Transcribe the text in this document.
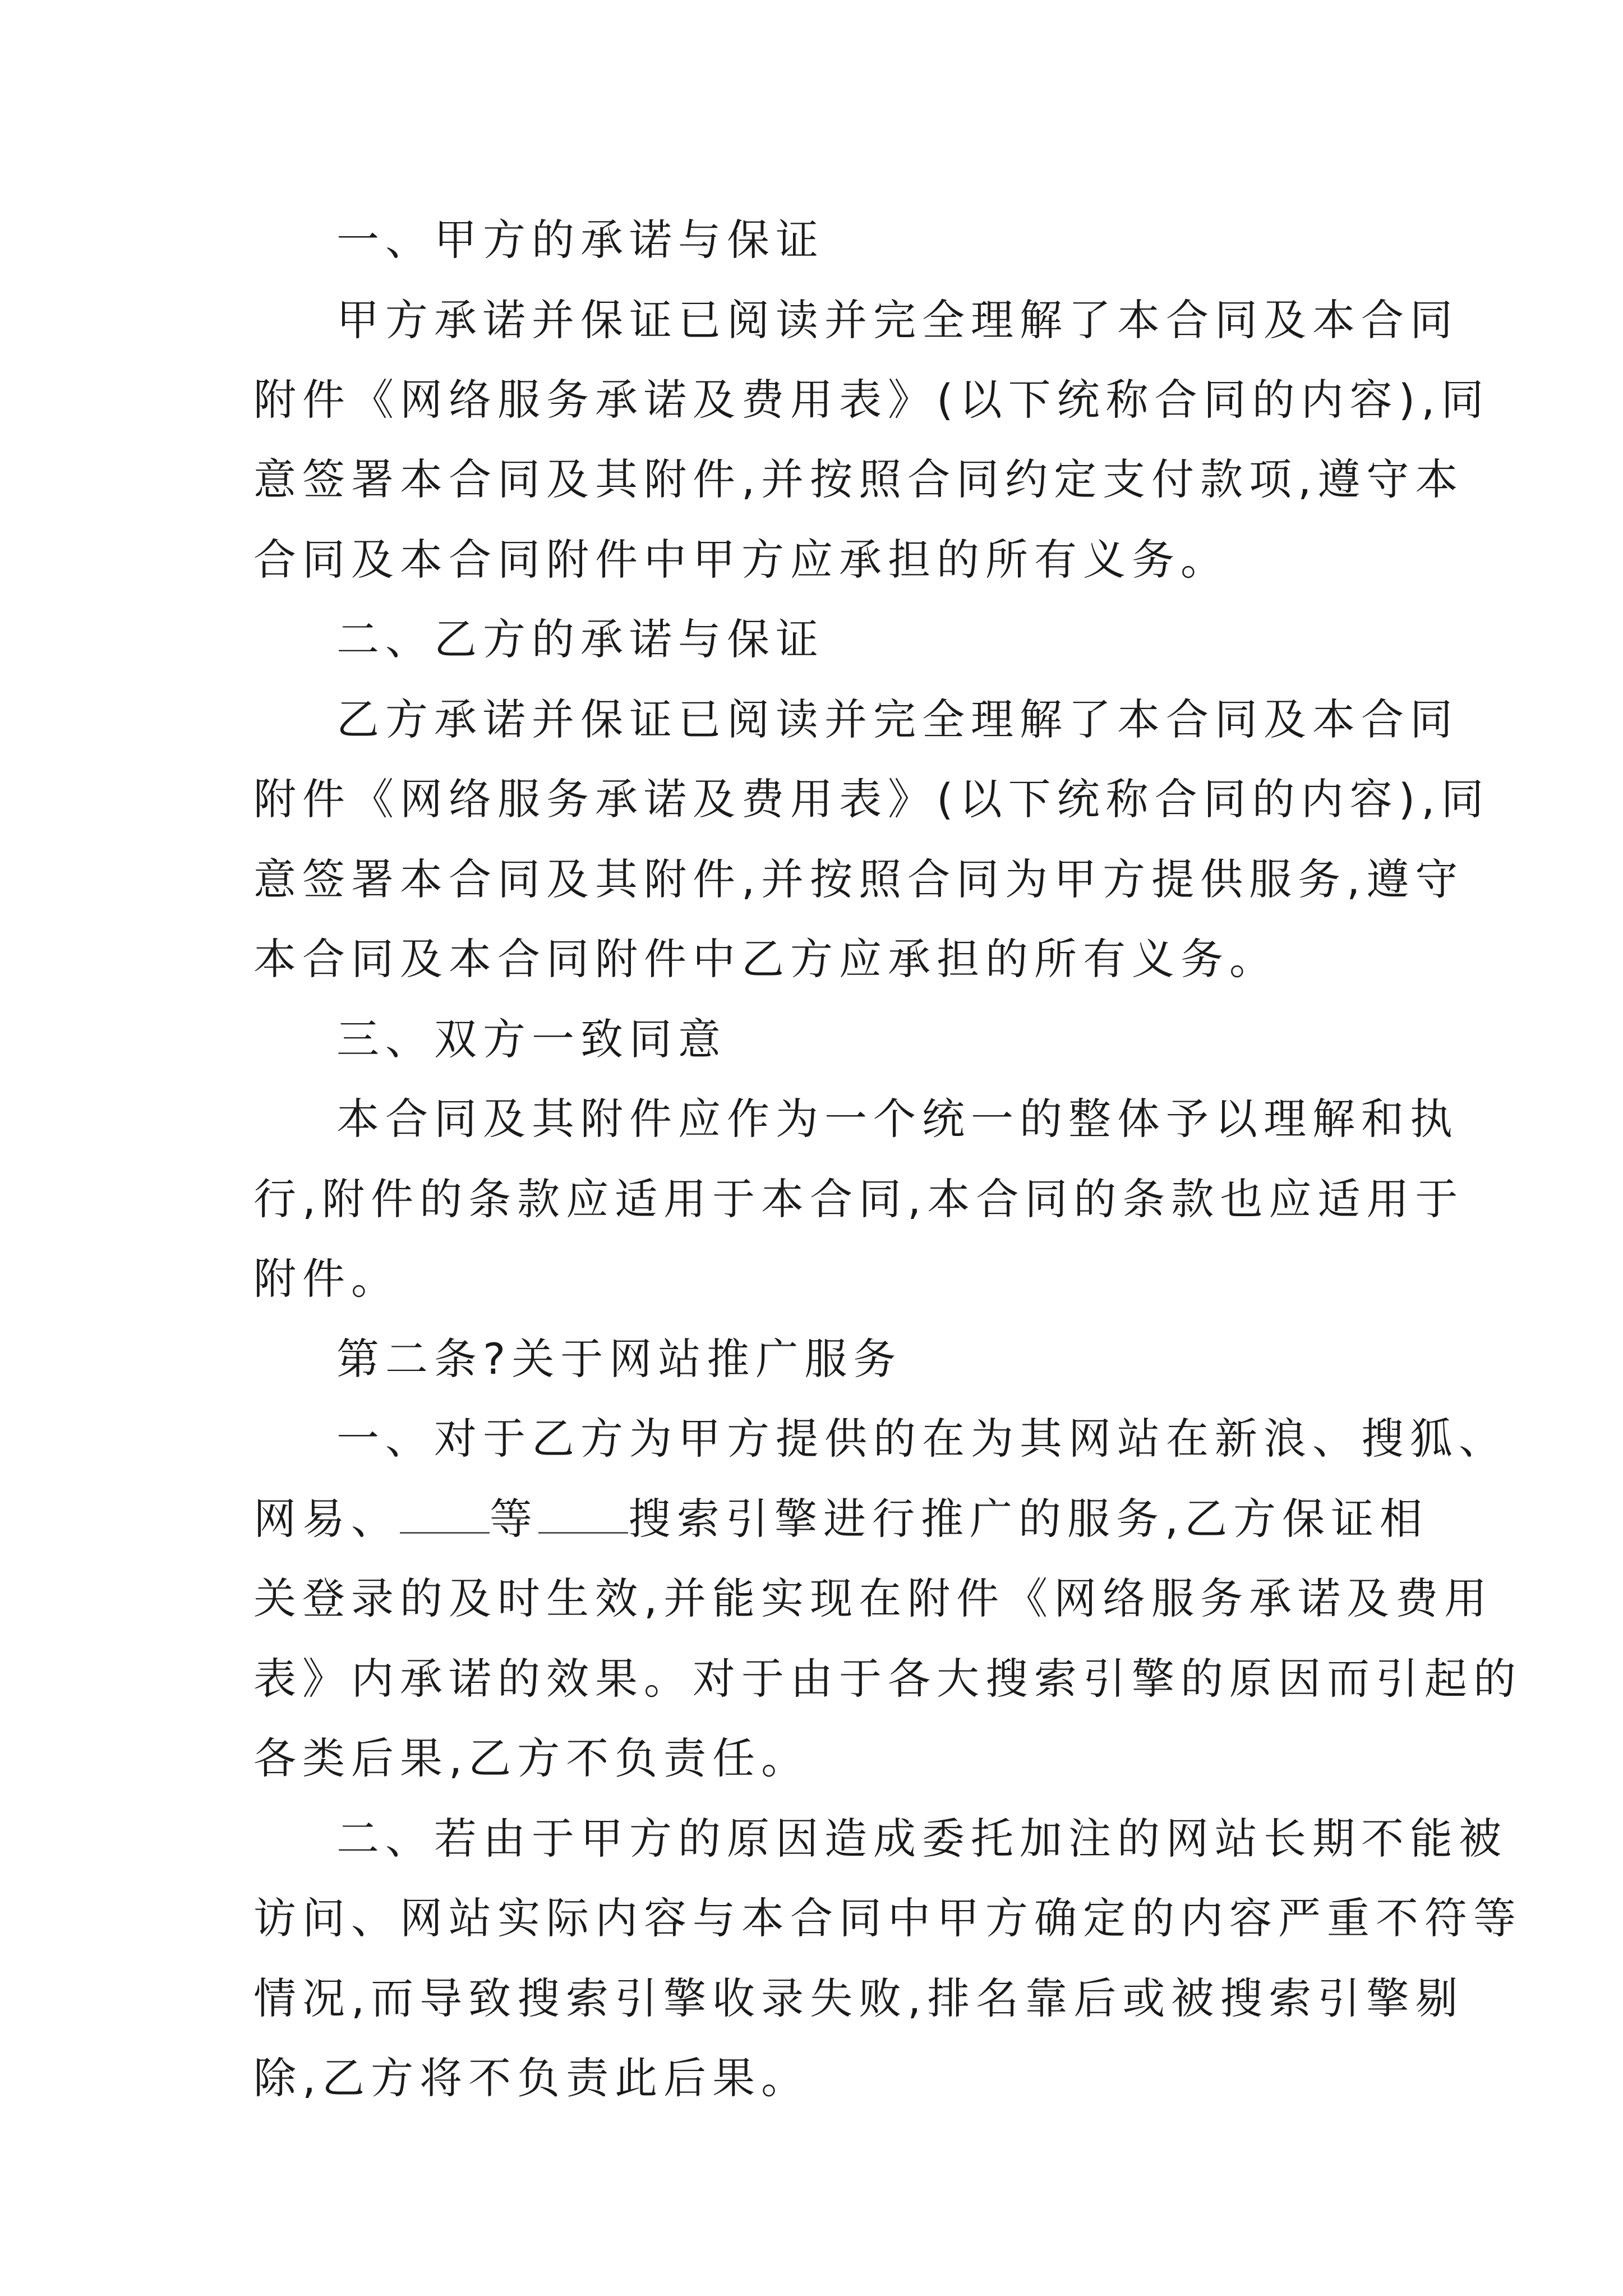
一、甲方的承诺与保证
甲方承诺并保证已阅读并完全理解了本合同及本合同
附件《网络服务承诺及费用表》(以下统称合同的内容),同
意签署本合同及其附件,并按照合同约定支付款项,遵守本
合同及本合同附件中甲方应承担的所有义务。
二、乙方的承诺与保证
乙方承诺并保证已阅读并完全理解了本合同及本合同
附件《网络服务承诺及费用表》(以下统称合同的内容),同
意签署本合同及其附件,并按照合同为甲方提供服务,遵守
本合同及本合同附件中乙方应承担的所有义务。
三、双方一致同意
本合同及其附件应作为一个统一的整体予以理解和执
行,附件的条款应适用于本合同,本合同的条款也应适用于
附件。
第二条?关于网站推广服务
一、对于乙方为甲方提供的在为其网站在新浪、搜狐、
网易、 等 搜索引擎进行推广的服务,乙方保证相
关登录的及时生效,并能实现在附件《网络服务承诺及费用
表》内承诺的效果。对于由于各大搜索引擎的原因而引起的
各类后果,乙方不负责任。
二、若由于甲方的原因造成委托加注的网站长期不能被
访问、网站实际内容与本合同中甲方确定的内容严重不符等
情况,而导致搜索引擎收录失败,排名靠后或被搜索引擎剔
除,乙方将不负责此后果。
